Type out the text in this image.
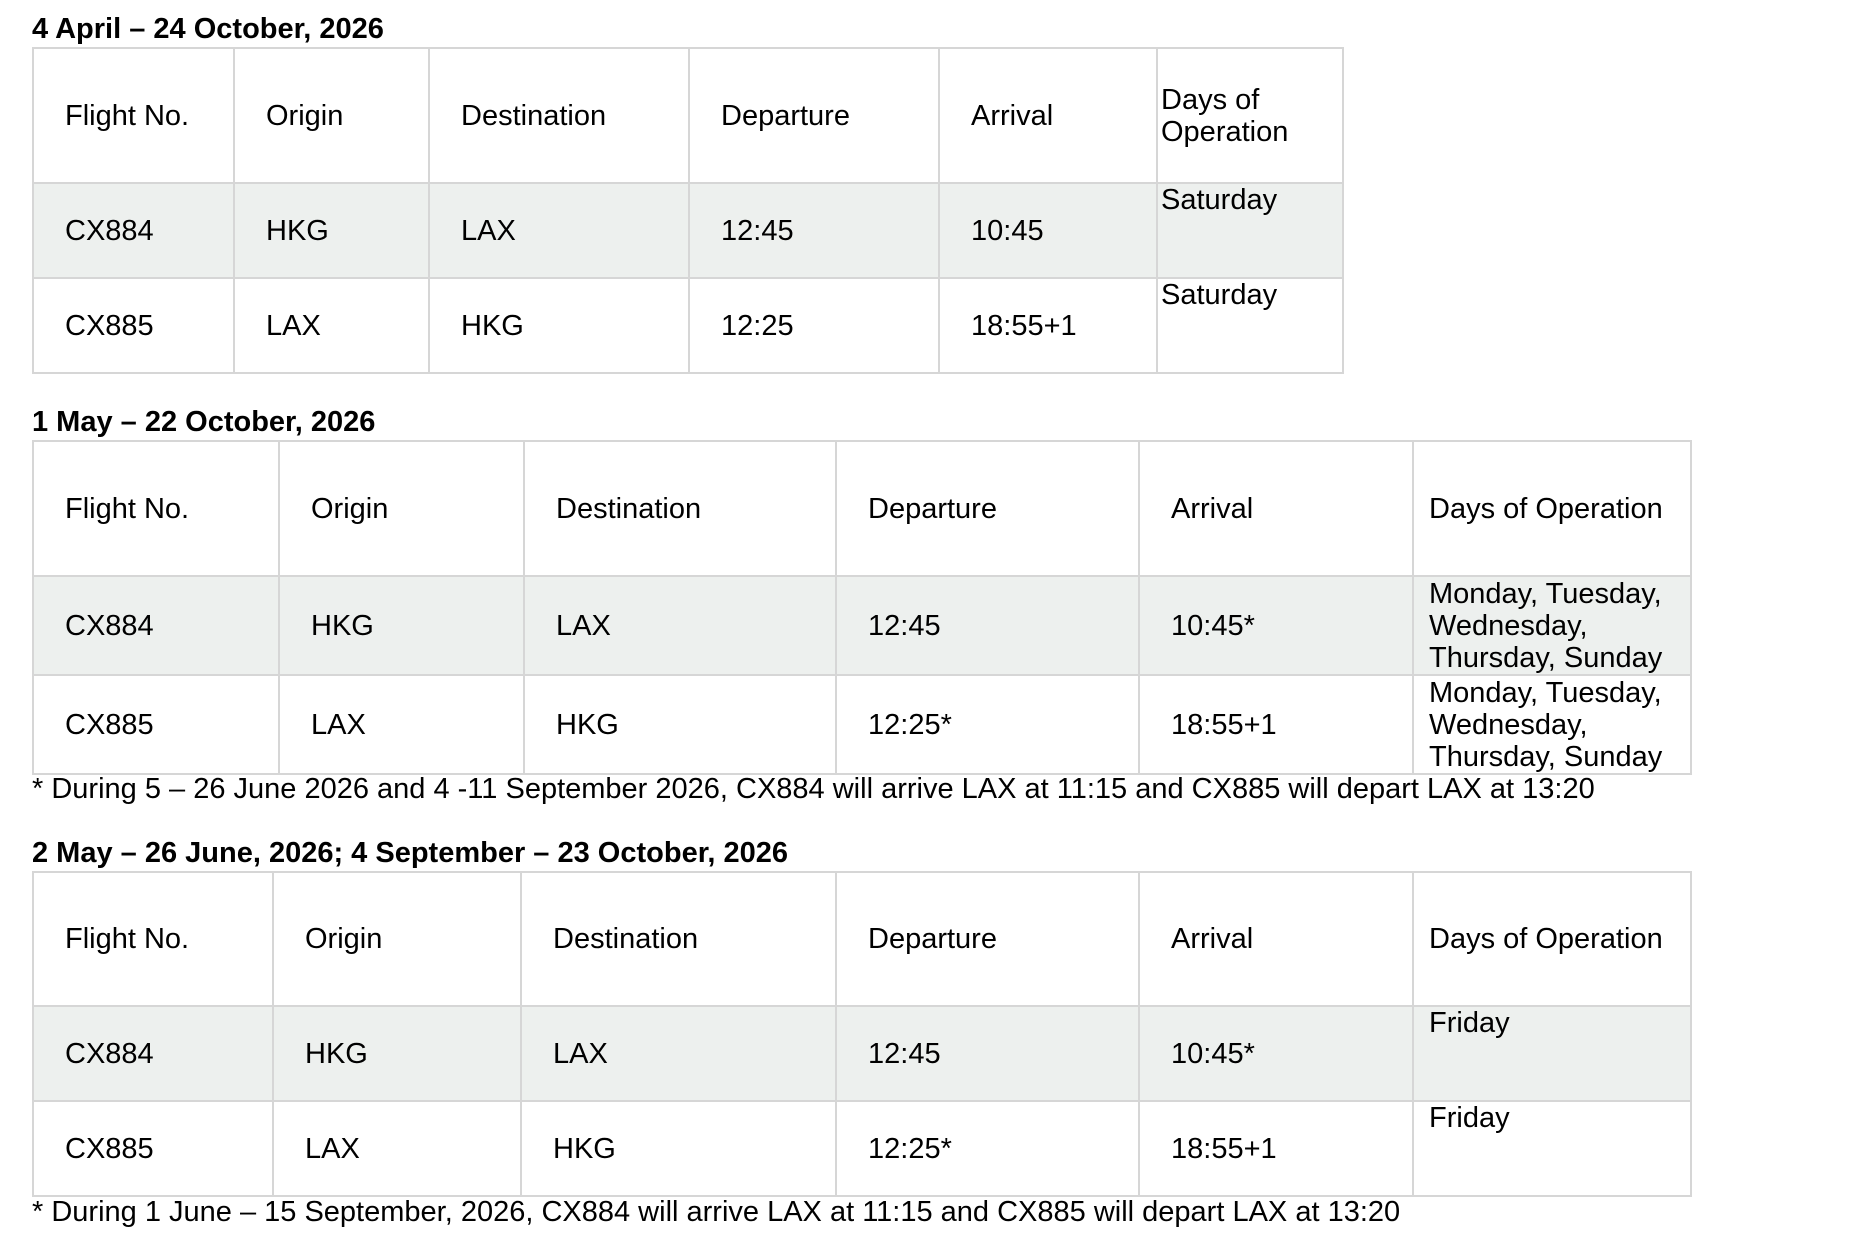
4 April – 24 October, 2026
Flight No.	Origin	Destination	Departure	Arrival	Days of Operation
CX884	HKG	LAX	12:45	10:45	Saturday
CX885	LAX	HKG	12:25	18:55+1	Saturday
1 May – 22 October, 2026
Flight No.	Origin	Destination	Departure	Arrival	Days of Operation
CX884	HKG	LAX	12:45	10:45*	Monday, Tuesday, Wednesday, Thursday, Sunday
CX885	LAX	HKG	12:25*	18:55+1	Monday, Tuesday, Wednesday, Thursday, Sunday
* During 5 – 26 June 2026 and 4 -11 September 2026, CX884 will arrive LAX at 11:15 and CX885 will depart LAX at 13:20
2 May – 26 June, 2026; 4 September – 23 October, 2026
Flight No.	Origin	Destination	Departure	Arrival	Days of Operation
CX884	HKG	LAX	12:45	10:45*	Friday
CX885	LAX	HKG	12:25*	18:55+1	Friday
* During 1 June – 15 September, 2026, CX884 will arrive LAX at 11:15 and CX885 will depart LAX at 13:20
